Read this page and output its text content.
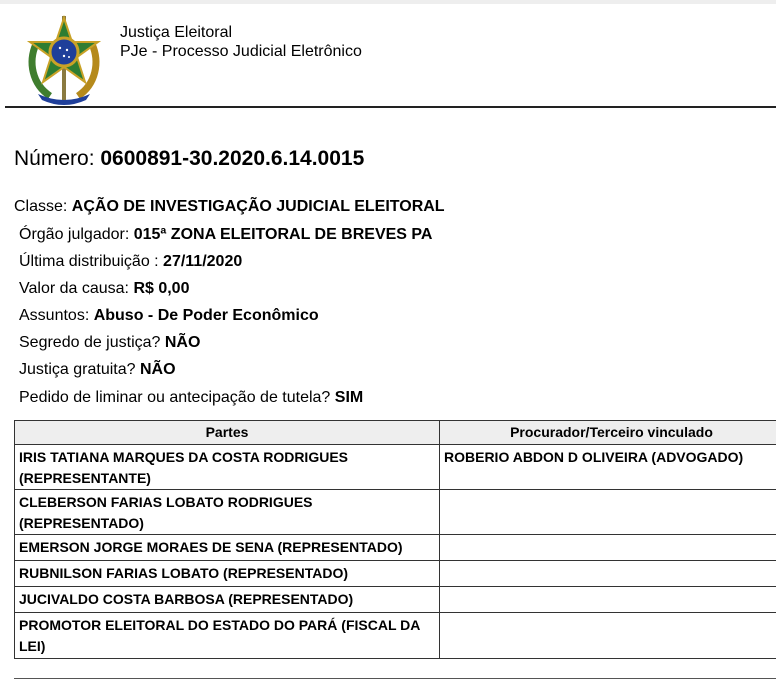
Justiça Eleitoral
PJe - Processo Judicial Eletrônico
Número: 0600891-30.2020.6.14.0015
Classe: AÇÃO DE INVESTIGAÇÃO JUDICIAL ELEITORAL
Órgão julgador: 015ª ZONA ELEITORAL DE BREVES PA
Última distribuição : 27/11/2020
Valor da causa: R$ 0,00
Assuntos: Abuso - De Poder Econômico
Segredo de justiça? NÃO
Justiça gratuita? NÃO
Pedido de liminar ou antecipação de tutela? SIM
Partes	Procurador/Terceiro vinculado
IRIS TATIANA MARQUES DA COSTA RODRIGUES (REPRESENTANTE)	ROBERIO ABDON D OLIVEIRA (ADVOGADO)
CLEBERSON FARIAS LOBATO RODRIGUES (REPRESENTADO)	
EMERSON JORGE MORAES DE SENA (REPRESENTADO)	
RUBNILSON FARIAS LOBATO (REPRESENTADO)	
JUCIVALDO COSTA BARBOSA (REPRESENTADO)	
PROMOTOR ELEITORAL DO ESTADO DO PARÁ (FISCAL DA LEI)	
